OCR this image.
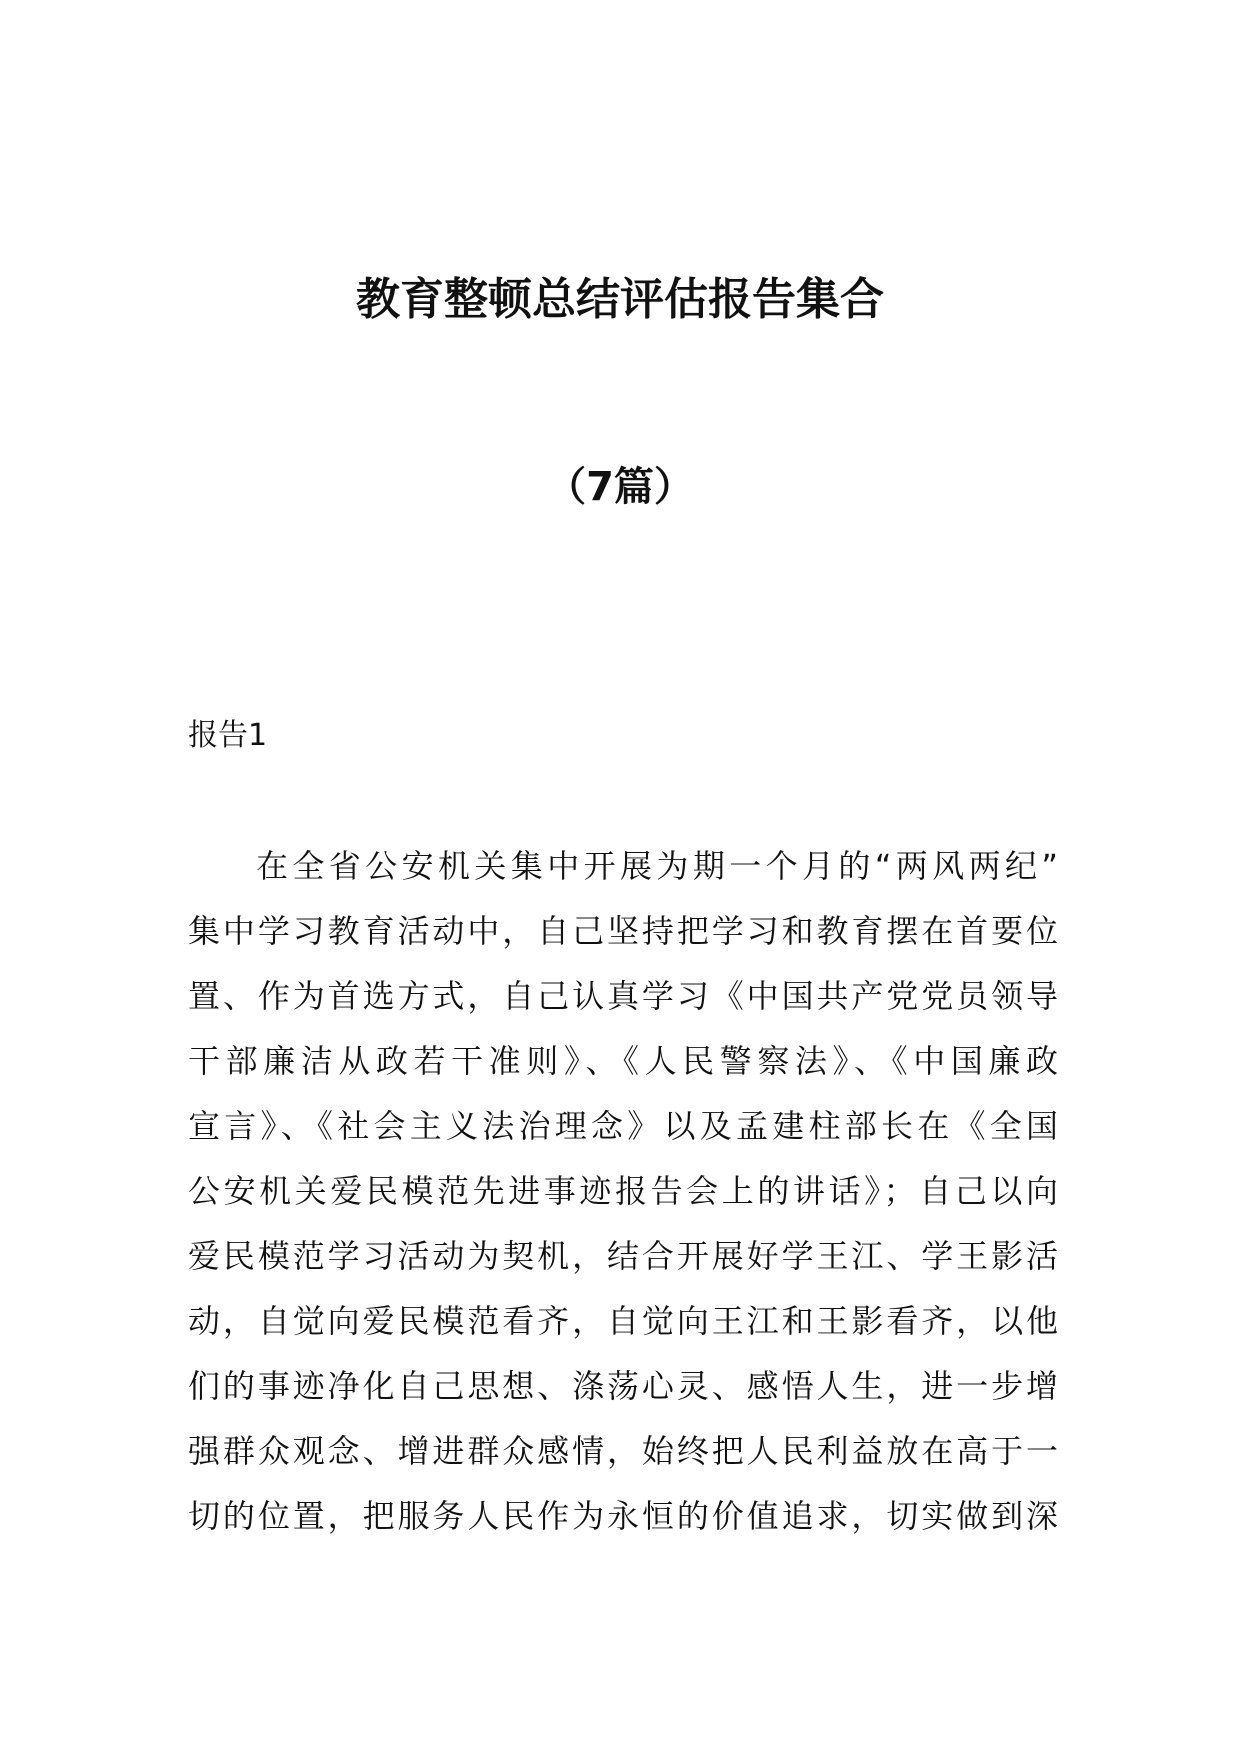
教育整顿总结评估报告集合
（7篇）
报告1
在全省公安机关集中开展为期一个月的“两风两纪”
集中学习教育活动中，自己坚持把学习和教育摆在首要位
置、作为首选方式，自己认真学习《中国共产党党员领导
干部廉洁从政若干准则》、《人民警察法》、《中国廉政
宣言》、《社会主义法治理念》以及孟建柱部长在《全国
公安机关爱民模范先进事迹报告会上的讲话》；自己以向
爱民模范学习活动为契机，结合开展好学王江、学王影活
动，自觉向爱民模范看齐，自觉向王江和王影看齐，以他
们的事迹净化自己思想、涤荡心灵、感悟人生，进一步增
强群众观念、增进群众感情，始终把人民利益放在高于一
切的位置，把服务人民作为永恒的价值追求，切实做到深
